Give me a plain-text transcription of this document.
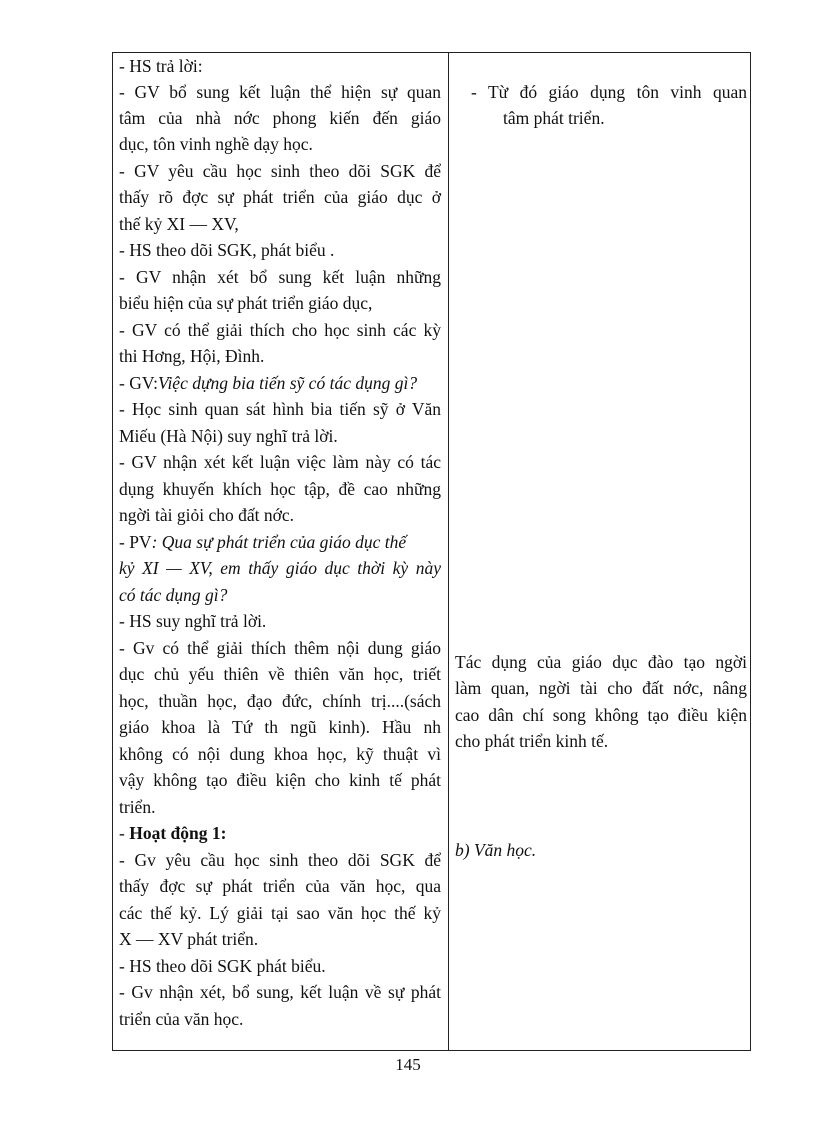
- HS trả lời:
- GV bổ sung kết luận thể hiện sự quan
tâm của nhà nớc phong kiến đến giáo
dục, tôn vinh nghề dạy học.
- GV yêu cầu học sinh theo dõi SGK để
thấy rõ đợc sự phát triển của giáo dục ở
thế kỷ XI — XV,
- HS theo dõi SGK, phát biểu .
- GV nhận xét bổ sung kết luận những
biểu hiện của sự phát triển giáo dục,
- GV có thể giải thích cho học sinh các kỳ
thi Hơng, Hội, Đình.
- GV:Việc dựng bia tiến sỹ có tác dụng gì?
- Học sinh quan sát hình bia tiến sỹ ở Văn
Miếu (Hà Nội) suy nghĩ trả lời.
- GV nhận xét kết luận việc làm này có tác
dụng khuyến khích học tập, đề cao những
ngời tài giỏi cho đất nớc.
- PV: Qua sự phát triển của giáo dục thế
kỷ XI — XV, em thấy giáo dục thời kỳ này
có tác dụng gì?
- HS suy nghĩ trả lời.
- Gv có thể giải thích thêm nội dung giáo
dục chủ yếu thiên về thiên văn học, triết
học, thuần học, đạo đức, chính trị....(sách
giáo khoa là Tứ th ngũ kinh). Hầu nh
không có nội dung khoa học, kỹ thuật vì
vậy không tạo điều kiện cho kinh tế phát
triển.
- Hoạt động 1:
- Gv yêu cầu học sinh theo dõi SGK để
thấy đợc sự phát triển của văn học, qua
các thế kỷ. Lý giải tại sao văn học thế kỷ
X — XV phát triển.
- HS theo dõi SGK phát biểu.
- Gv nhận xét, bổ sung, kết luận về sự phát
triển của văn học.
- Từ đó giáo dụng tôn vinh quan
tâm phát triển.
Tác dụng của giáo dục đào tạo ngời
làm quan, ngời tài cho đất nớc, nâng
cao dân chí song không tạo điều kiện
cho phát triển kinh tế.
b) Văn học.
145
